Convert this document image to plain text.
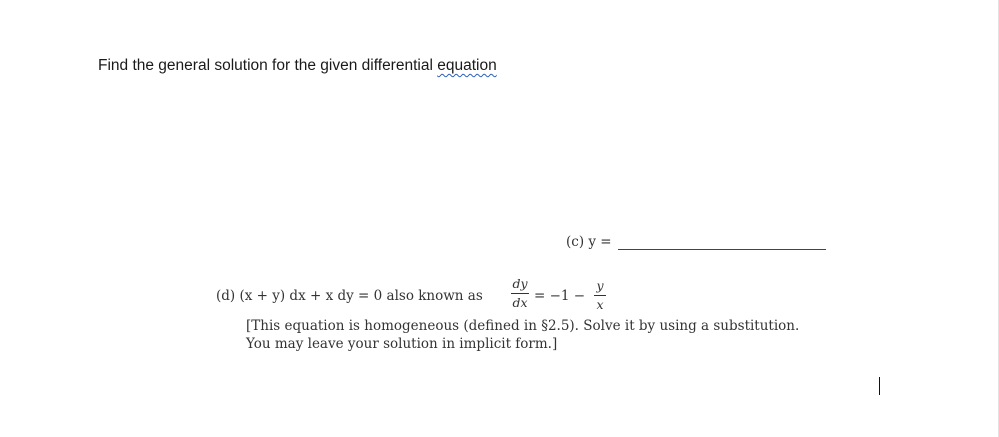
Find the general solution for the given differential equation
(c) y =
(d) (x + y) dx + x dy = 0 also known as $\frac{dy}{dx} = -1 - \frac{y}{x}$
[This equation is homogeneous (defined in §2.5). Solve it by using a substitution.
You may leave your solution in implicit form.]
